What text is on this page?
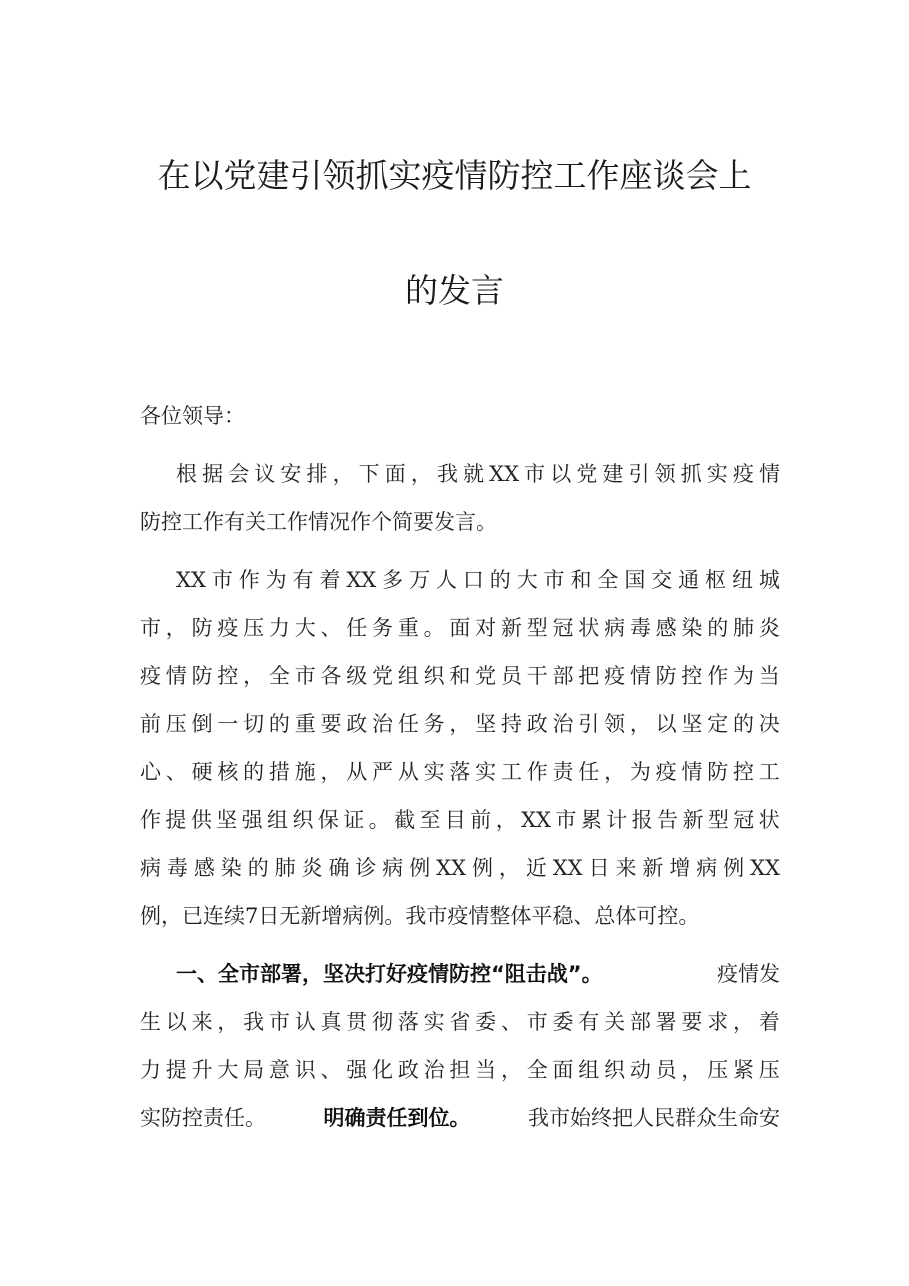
在以党建引领抓实疫情防控工作座谈会上
的发言
各位领导：
根 据 会 议 安 排 ， 下 面 ， 我 就 XX 市 以 党 建 引 领 抓 实 疫 情
防控工作有关工作情况作个简要发言。
XX 市 作 为 有 着 XX 多 万 人 口 的 大 市 和 全 国 交 通 枢 纽 城
市 ， 防 疫 压 力 大 、 任 务 重 。 面 对 新 型 冠 状 病 毒 感 染 的 肺 炎
疫 情 防 控 ， 全 市 各 级 党 组 织 和 党 员 干 部 把 疫 情 防 控 作 为 当
前 压 倒 一 切 的 重 要 政 治 任 务 ， 坚 持 政 治 引 领 ， 以 坚 定 的 决
心 、 硬 核 的 措 施 ， 从 严 从 实 落 实 工 作 责 任 ， 为 疫 情 防 控 工
作 提 供 坚 强 组 织 保 证 。 截 至 目 前 ， XX 市 累 计 报 告 新 型 冠 状
病 毒 感 染 的 肺 炎 确 诊 病 例 XX 例 ， 近 XX 日 来 新 增 病 例 XX
例，已连续7日无新增病例。我市疫情整体平稳、总体可控。
一、全市部署，坚决打好疫情防控“阻击战”。	疫情发
生 以 来 ， 我 市 认 真 贯 彻 落 实 省 委 、 市 委 有 关 部 署 要 求 ， 着
力 提 升 大 局 意 识 、 强 化 政 治 担 当 ， 全 面 组 织 动 员 ， 压 紧 压
实防控责任。	明确责任到位。	我市始终把人民群众生命安
